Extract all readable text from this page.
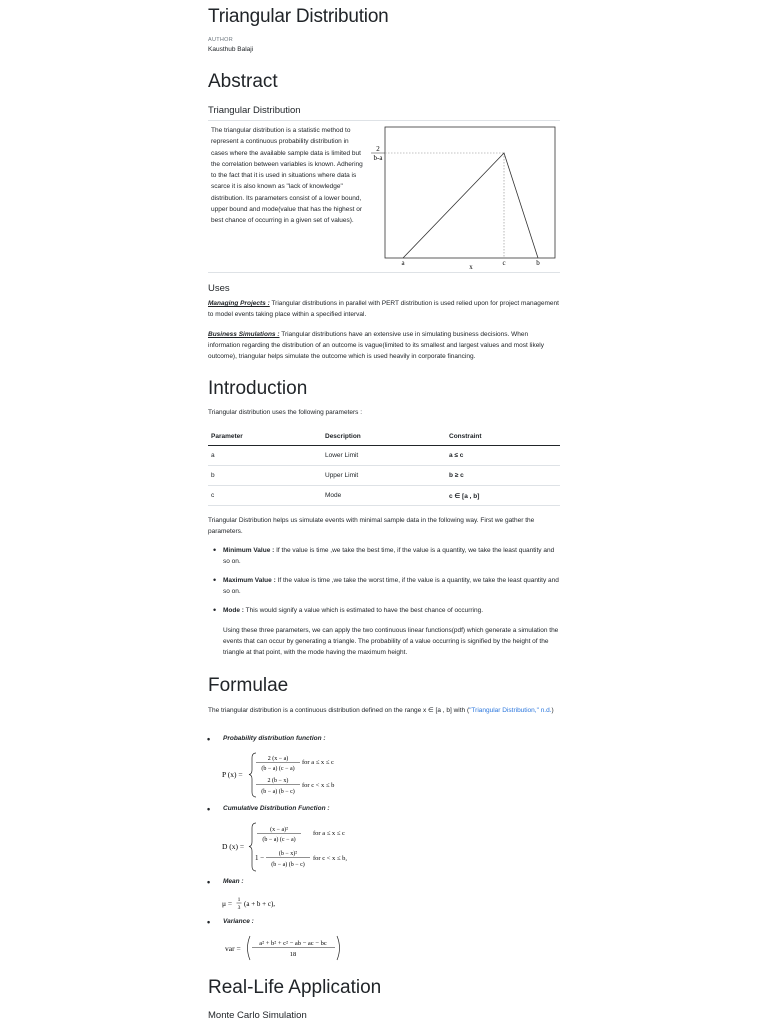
Triangular Distribution
AUTHOR
Kausthub Balaji
Abstract
Triangular Distribution
The triangular distribution is a statistic method to represent a continuous probability distribution in cases where the available sample data is limited but the correlation between variables is known. Adhering to the fact that it is used in situations where data is scarce it is also known as "lack of knowledge" distribution. Its parameters consist of a lower bound, upper bound and mode(value that has the highest or best chance of occurring in a given set of values).
2
b-a
a	c	b
x
Uses

Managing Projects : Triangular distributions in parallel with PERT distribution is used relied upon for project management to model events taking place within a specified interval.

Business Simulations : Triangular distributions have an extensive use in simulating business decisions. When information regarding the distribution of an outcome is vague(limited to its smallest and largest values and most likely outcome), triangular helps simulate the outcome which is used heavily in corporate financing.

Introduction

Triangular distribution uses the following parameters :

Parameter	Description	Constraint
a	Lower Limit	a ≤ c
b	Upper Limit	b ≥ c
c	Mode	c ∈ [a , b]

Triangular Distribution helps us simulate events with minimal sample data in the following way. First we gather the parameters.

• Minimum Value : If the value is time ,we take the best time, if the value is a quantity, we take the least quantity and so on.
• Maximum Value : If the value is time ,we take the worst time, if the value is a quantity, we take the least quantity and so on.
• Mode : This would signify a value which is estimated to have the best chance of occurring.

Using these three parameters, we can apply the two continuous linear functions(pdf) which generate a simulation the events that can occur by generating a triangle. The probability of a value occurring is signified by the height of the triangle at that point, with the mode having the maximum height.

Formulae

The triangular distribution is a continuous distribution defined on the range x ∈ [a , b] with ("Triangular Distribution," n.d.)

• Probability distribution function :
P (x) =
2 (x − a)
(b − a) (c − a)
for a ≤ x ≤ c
2 (b − x)
(b − a) (b − c)
for c < x ≤ b
• Cumulative Distribution Function :
D (x) =
(x − a)²
(b − a) (c − a)
for a ≤ x ≤ c
1 − (b − x)²
(b − a) (b − c)
for c < x ≤ b,
• Mean :
μ = 1
3 (a + b + c),
• Variance :
var =
a² + b² + c² − ab − ac − bc
18
Real-Life Application
Monte Carlo Simulation
